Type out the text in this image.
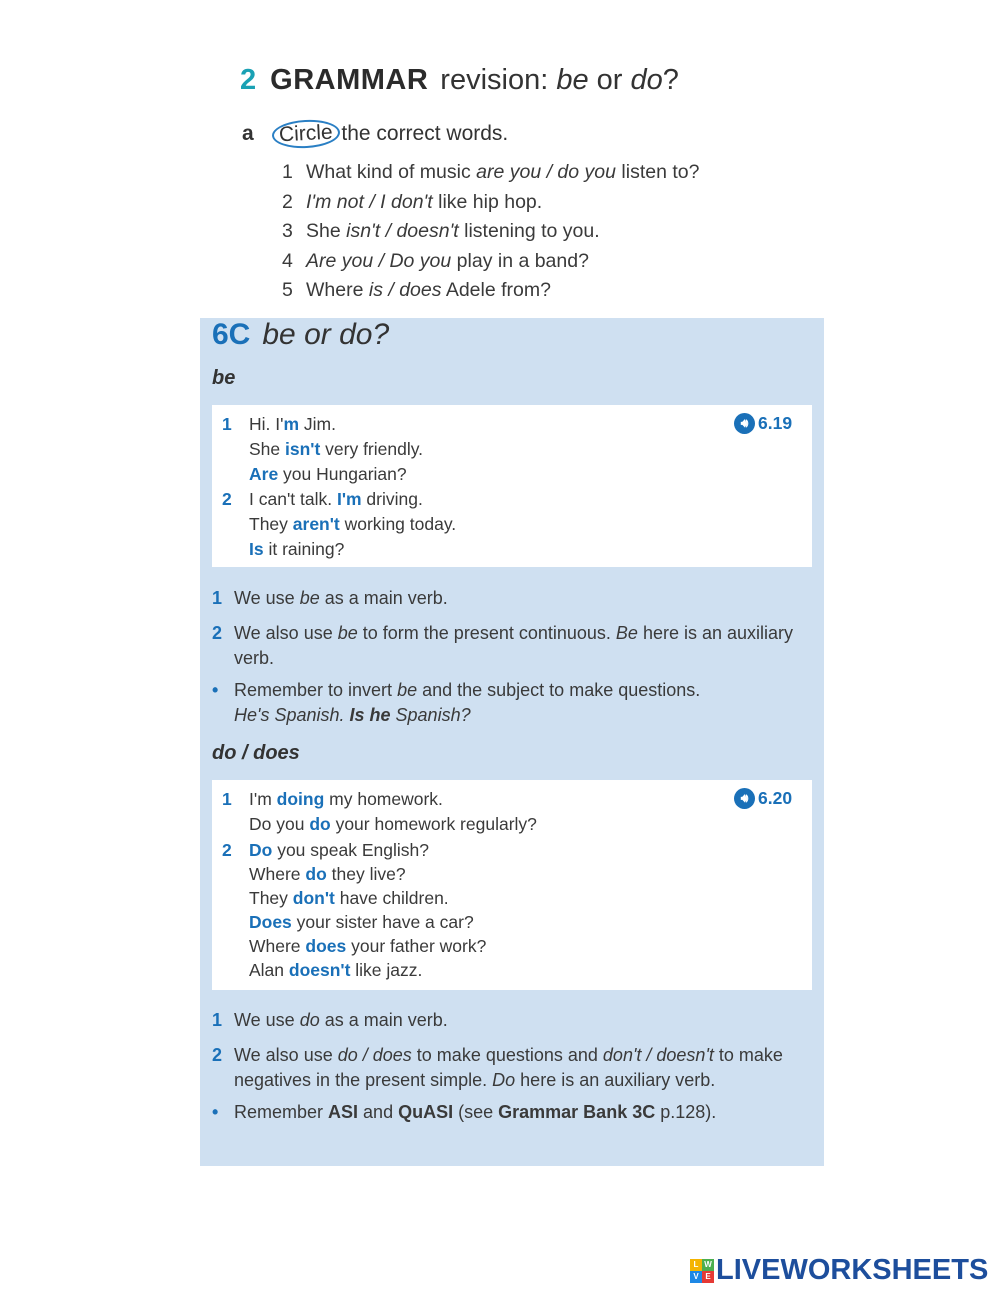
2 GRAMMAR revision: be or do?
a Circle the correct words.
1 What kind of music are you / do you listen to?
2 I'm not / I don't like hip hop.
3 She isn't / doesn't listening to you.
4 Are you / Do you play in a band?
5 Where is / does Adele from?
6C be or do?
be
1 Hi. I'm Jim.
She isn't very friendly.
Are you Hungarian?
2 I can't talk. I'm driving.
They aren't working today.
Is it raining?
🔊︎ 6.19
1 We use be as a main verb.
2 We also use be to form the present continuous. Be here is an auxiliary verb.
• Remember to invert be and the subject to make questions.
He's Spanish. Is he Spanish?
do / does
1 I'm doing my homework.
Do you do your homework regularly?
2 Do you speak English?
Where do they live?
They don't have children.
Does your sister have a car?
Where does your father work?
Alan doesn't like jazz.
🔊︎ 6.20
1 We use do as a main verb.
2 We also use do / does to make questions and don't / doesn't to make negatives in the present simple. Do here is an auxiliary verb.
• Remember ASI and QuASI (see Grammar Bank 3C p.128).
L W
V E LIVEWORKSHEETS
